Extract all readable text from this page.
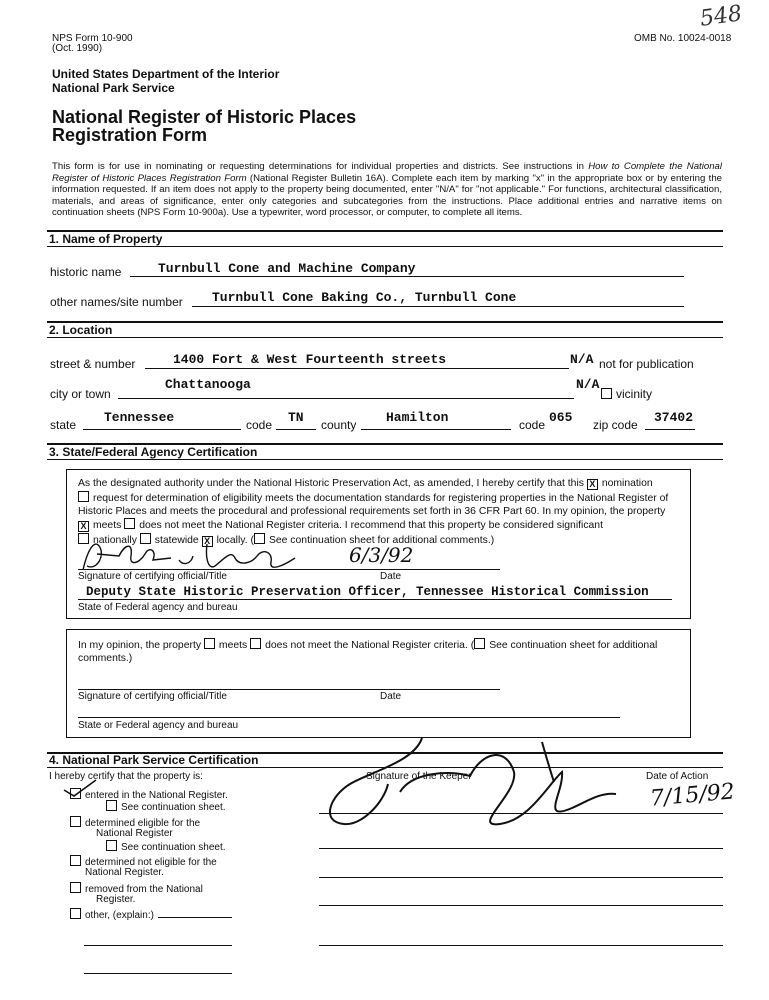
NPS Form 10-900
(Oct. 1990)
OMB No. 10024-0018
548
United States Department of the Interior
National Park Service
National Register of Historic Places
Registration Form
This form is for use in nominating or requesting determinations for individual properties and districts. See instructions in How to Complete the National Register of Historic Places Registration Form (National Register Bulletin 16A). Complete each item by marking "x" in the appropriate box or by entering the information requested. If an item does not apply to the property being documented, enter "N/A" for "not applicable." For functions, architectural classification, materials, and areas of significance, enter only categories and subcategories from the instructions. Place additional entries and narrative items on continuation sheets (NPS Form 10-900a). Use a typewriter, word processor, or computer, to complete all items.
1. Name of Property
historic name	Turnbull Cone and Machine Company
other names/site number Turnbull Cone Baking Co., Turnbull Cone
2. Location
street & number	1400 Fort & West Fourteenth streets	N/A not for publication
city or town
Chattanooga	N/A
vicinity
state Tennessee	code TN county Hamilton	code 065 zip code 37402
3. State/Federal Agency Certification
As the designated authority under the National Historic Preservation Act, as amended, I hereby certify that this X nomination
request for determination of eligibility meets the documentation standards for registering properties in the National Register of Historic Places and meets the procedural and professional requirements set forth in 36 CFR Part 60. In my opinion, the property
X meets does not meet the National Register criteria. I recommend that this property be considered significant
nationally statewide X locally. ( See continuation sheet for additional comments.)
6/3/92
Signature of certifying official/Title	Date
Deputy State Historic Preservation Officer, Tennessee Historical Commission
State of Federal agency and bureau
In my opinion, the property meets does not meet the National Register criteria. ( See continuation sheet for additional comments.)
Signature of certifying official/Title	Date
State or Federal agency and bureau
4. National Park Service Certification
I hereby certify that the property is:	Signature of the Keeper	Date of Action
7/15/92
entered in the National Register.
See continuation sheet.
determined eligible for the
National Register
See continuation sheet.
determined not eligible for the
National Register.
removed from the National
Register.
other, (explain:)
